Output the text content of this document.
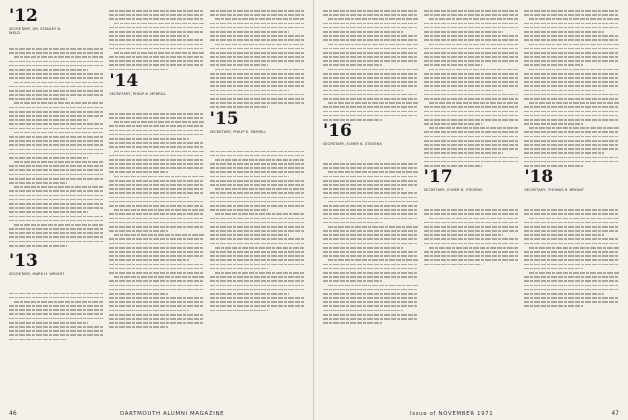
'12 SECRETARY, DR. STANLEY B. WELD
'13 SECRETARY, MARK H. WRIGHT
'14 SECRETARY, PHILIP K. MERRILL
'15 SECRETARY, PHILIP K. MERRILL
46	DARTMOUTH ALUMNI MAGAZINE
'16 SECRETARY, ELMER B. STEVENS
'17 SECRETARY, ELMER B. STEVENS
'18 SECRETARY, THOMAS R. BRYANT
47
Issue of NOVEMBER 1971
